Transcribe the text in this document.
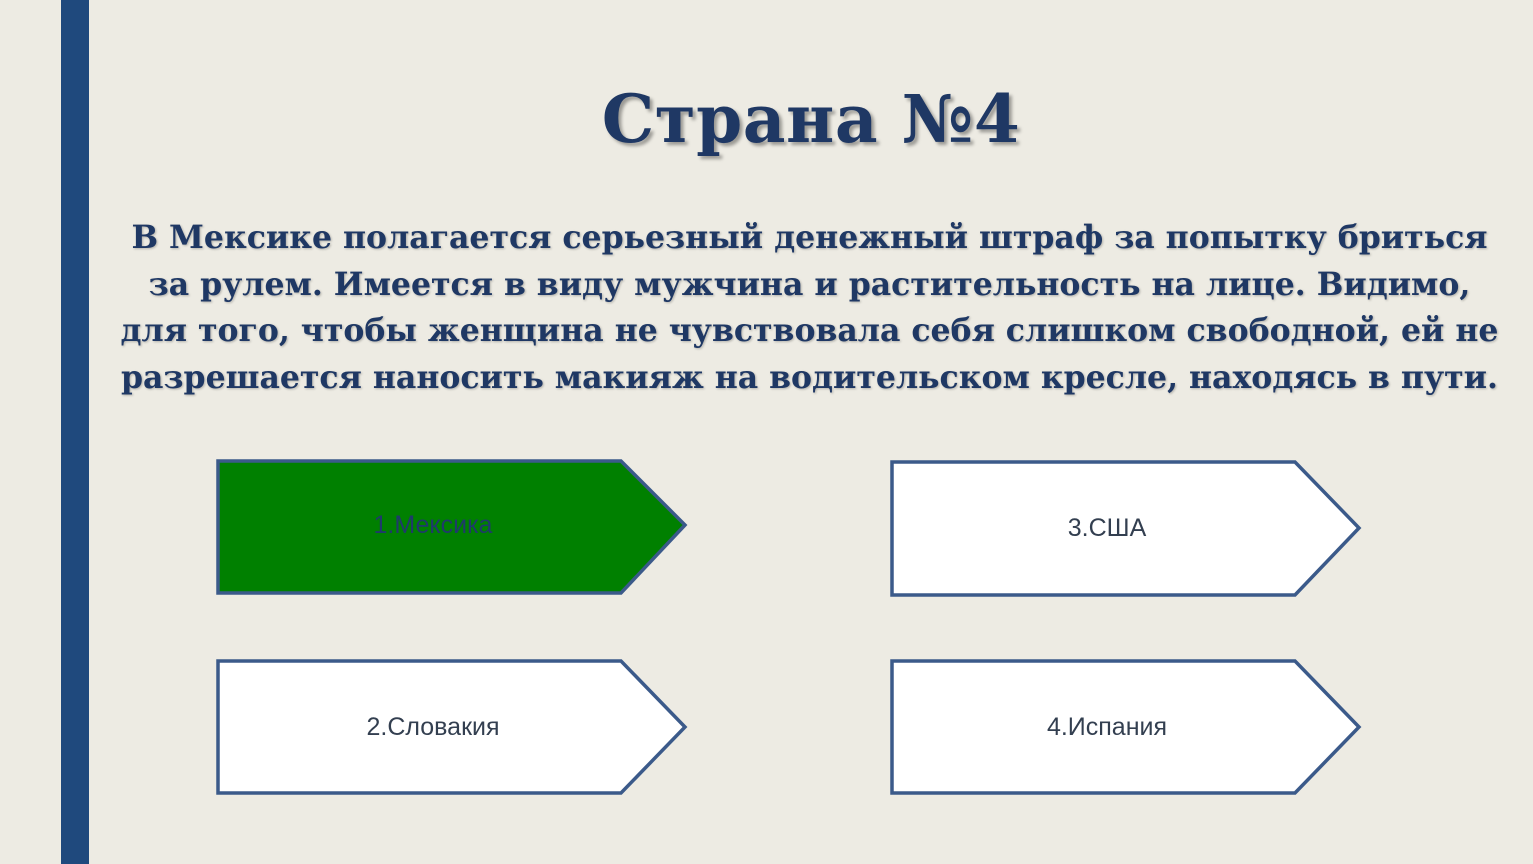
Страна №4

В Мексике полагается серьезный денежный штраф за попытку бриться за рулем. Имеется в виду мужчина и растительность на лице. Видимо, для того, чтобы женщина не чувствовала себя слишком свободной, ей не разрешается наносить макияж на водительском кресле, находясь в пути.

1.Мексика
2.Словакия
3.США
4.Испания
